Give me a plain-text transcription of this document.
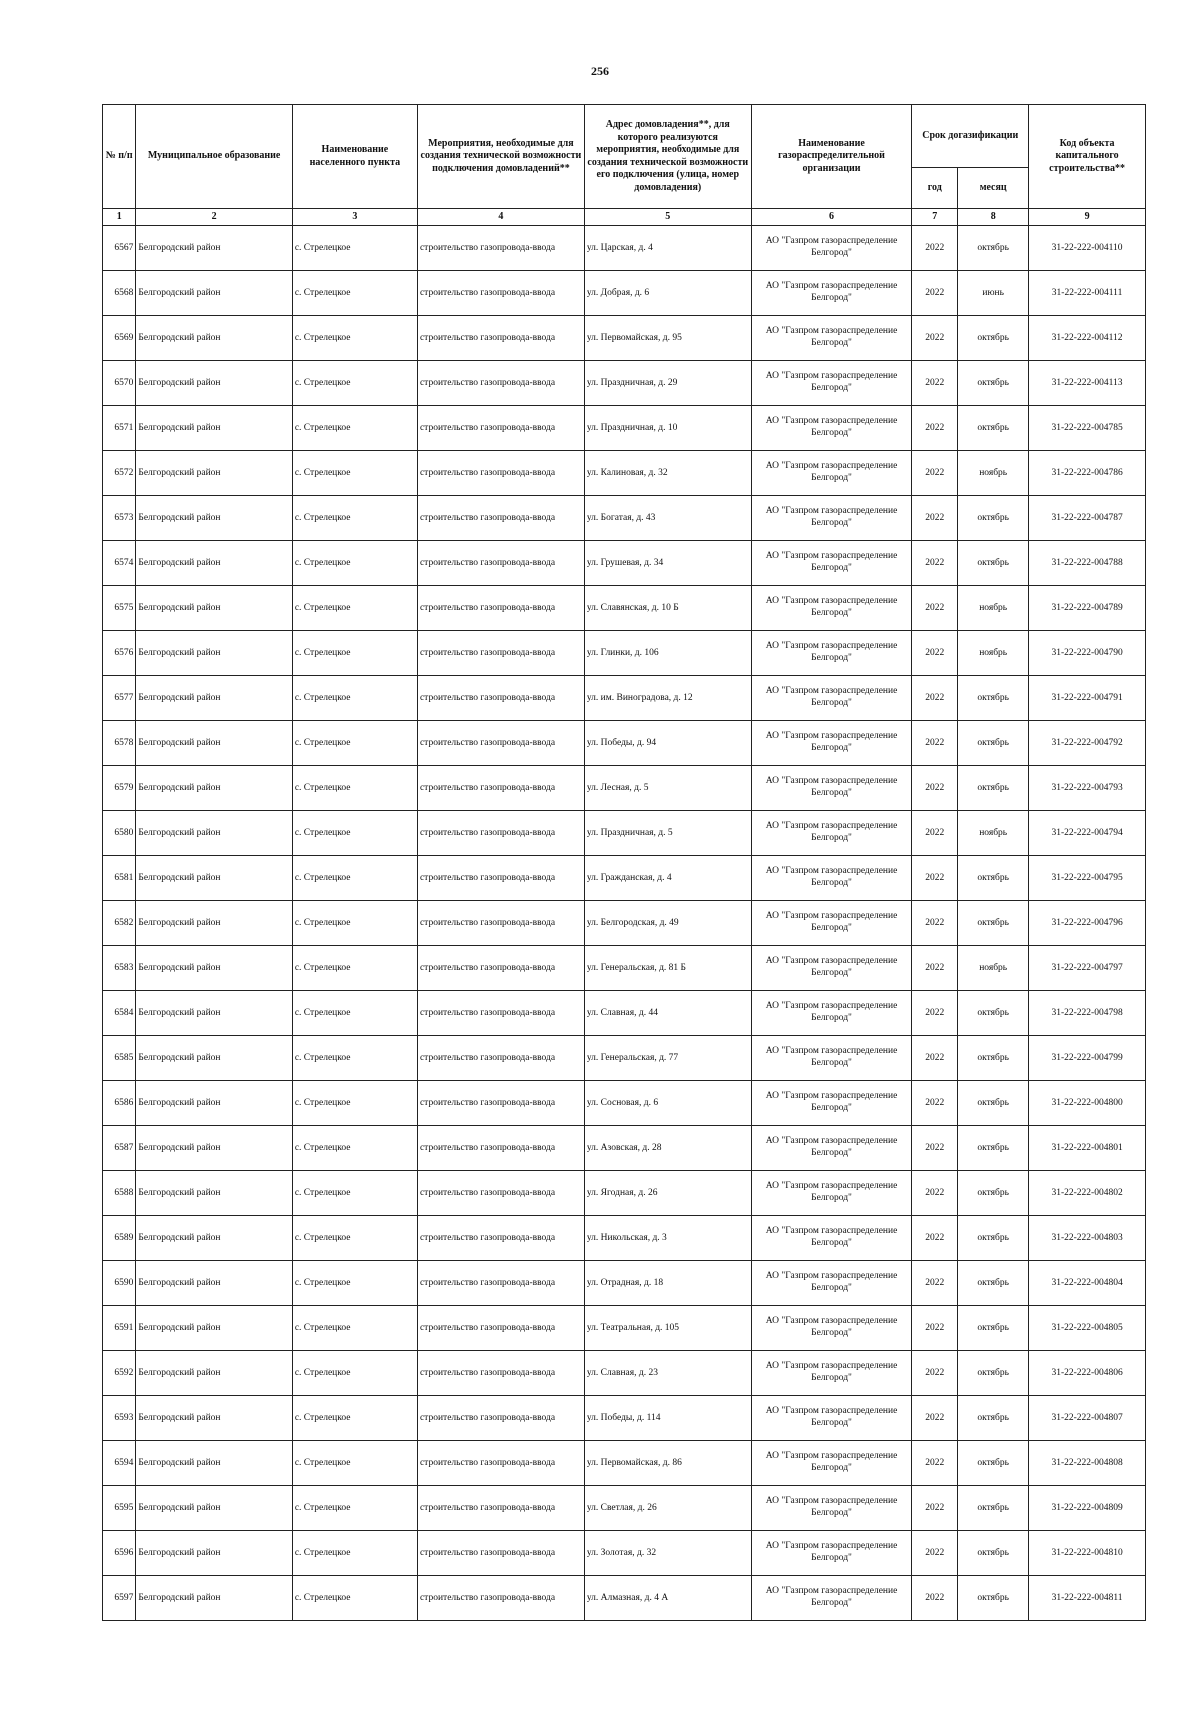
256
№ п/п	Муниципальное образование	Наименование населенного пункта	Мероприятия, необходимые для создания технической возможности подключения домовладений**	Адрес домовладения**, для которого реализуются мероприятия, необходимые для создания технической возможности его подключения (улица, номер домовладения)	Наименование газораспределительной организации	Срок догазификации		Код объекта капитального строительства**
						год	месяц	
1	2	3	4	5	6	7	8	9
6567	Белгородский район	с. Стрелецкое	строительство газопровода-ввода	ул. Царская, д. 4	АО "Газпром газораспределение Белгород"	2022	октябрь	31-22-222-004110
6568	Белгородский район	с. Стрелецкое	строительство газопровода-ввода	ул. Добрая, д. 6	АО "Газпром газораспределение Белгород"	2022	июнь	31-22-222-004111
6569	Белгородский район	с. Стрелецкое	строительство газопровода-ввода	ул. Первомайская, д. 95	АО "Газпром газораспределение Белгород"	2022	октябрь	31-22-222-004112
6570	Белгородский район	с. Стрелецкое	строительство газопровода-ввода	ул. Праздничная, д. 29	АО "Газпром газораспределение Белгород"	2022	октябрь	31-22-222-004113
6571	Белгородский район	с. Стрелецкое	строительство газопровода-ввода	ул. Праздничная, д. 10	АО "Газпром газораспределение Белгород"	2022	октябрь	31-22-222-004785
6572	Белгородский район	с. Стрелецкое	строительство газопровода-ввода	ул. Калиновая, д. 32	АО "Газпром газораспределение Белгород"	2022	ноябрь	31-22-222-004786
6573	Белгородский район	с. Стрелецкое	строительство газопровода-ввода	ул. Богатая, д. 43	АО "Газпром газораспределение Белгород"	2022	октябрь	31-22-222-004787
6574	Белгородский район	с. Стрелецкое	строительство газопровода-ввода	ул. Грушевая, д. 34	АО "Газпром газораспределение Белгород"	2022	октябрь	31-22-222-004788
6575	Белгородский район	с. Стрелецкое	строительство газопровода-ввода	ул. Славянская, д. 10 Б	АО "Газпром газораспределение Белгород"	2022	ноябрь	31-22-222-004789
6576	Белгородский район	с. Стрелецкое	строительство газопровода-ввода	ул. Глинки, д. 106	АО "Газпром газораспределение Белгород"	2022	ноябрь	31-22-222-004790
6577	Белгородский район	с. Стрелецкое	строительство газопровода-ввода	ул. им. Виноградова, д. 12	АО "Газпром газораспределение Белгород"	2022	октябрь	31-22-222-004791
6578	Белгородский район	с. Стрелецкое	строительство газопровода-ввода	ул. Победы, д. 94	АО "Газпром газораспределение Белгород"	2022	октябрь	31-22-222-004792
6579	Белгородский район	с. Стрелецкое	строительство газопровода-ввода	ул. Лесная, д. 5	АО "Газпром газораспределение Белгород"	2022	октябрь	31-22-222-004793
6580	Белгородский район	с. Стрелецкое	строительство газопровода-ввода	ул. Праздничная, д. 5	АО "Газпром газораспределение Белгород"	2022	ноябрь	31-22-222-004794
6581	Белгородский район	с. Стрелецкое	строительство газопровода-ввода	ул. Гражданская, д. 4	АО "Газпром газораспределение Белгород"	2022	октябрь	31-22-222-004795
6582	Белгородский район	с. Стрелецкое	строительство газопровода-ввода	ул. Белгородская, д. 49	АО "Газпром газораспределение Белгород"	2022	октябрь	31-22-222-004796
6583	Белгородский район	с. Стрелецкое	строительство газопровода-ввода	ул. Генеральская, д. 81 Б	АО "Газпром газораспределение Белгород"	2022	ноябрь	31-22-222-004797
6584	Белгородский район	с. Стрелецкое	строительство газопровода-ввода	ул. Славная, д. 44	АО "Газпром газораспределение Белгород"	2022	октябрь	31-22-222-004798
6585	Белгородский район	с. Стрелецкое	строительство газопровода-ввода	ул. Генеральская, д. 77	АО "Газпром газораспределение Белгород"	2022	октябрь	31-22-222-004799
6586	Белгородский район	с. Стрелецкое	строительство газопровода-ввода	ул. Сосновая, д. 6	АО "Газпром газораспределение Белгород"	2022	октябрь	31-22-222-004800
6587	Белгородский район	с. Стрелецкое	строительство газопровода-ввода	ул. Азовская, д. 28	АО "Газпром газораспределение Белгород"	2022	октябрь	31-22-222-004801
6588	Белгородский район	с. Стрелецкое	строительство газопровода-ввода	ул. Ягодная, д. 26	АО "Газпром газораспределение Белгород"	2022	октябрь	31-22-222-004802
6589	Белгородский район	с. Стрелецкое	строительство газопровода-ввода	ул. Никольская, д. 3	АО "Газпром газораспределение Белгород"	2022	октябрь	31-22-222-004803
6590	Белгородский район	с. Стрелецкое	строительство газопровода-ввода	ул. Отрадная, д. 18	АО "Газпром газораспределение Белгород"	2022	октябрь	31-22-222-004804
6591	Белгородский район	с. Стрелецкое	строительство газопровода-ввода	ул. Театральная, д. 105	АО "Газпром газораспределение Белгород"	2022	октябрь	31-22-222-004805
6592	Белгородский район	с. Стрелецкое	строительство газопровода-ввода	ул. Славная, д. 23	АО "Газпром газораспределение Белгород"	2022	октябрь	31-22-222-004806
6593	Белгородский район	с. Стрелецкое	строительство газопровода-ввода	ул. Победы, д. 114	АО "Газпром газораспределение Белгород"	2022	октябрь	31-22-222-004807
6594	Белгородский район	с. Стрелецкое	строительство газопровода-ввода	ул. Первомайская, д. 86	АО "Газпром газораспределение Белгород"	2022	октябрь	31-22-222-004808
6595	Белгородский район	с. Стрелецкое	строительство газопровода-ввода	ул. Светлая, д. 26	АО "Газпром газораспределение Белгород"	2022	октябрь	31-22-222-004809
6596	Белгородский район	с. Стрелецкое	строительство газопровода-ввода	ул. Золотая, д. 32	АО "Газпром газораспределение Белгород"	2022	октябрь	31-22-222-004810
6597	Белгородский район	с. Стрелецкое	строительство газопровода-ввода	ул. Алмазная, д. 4 А	АО "Газпром газораспределение Белгород"	2022	октябрь	31-22-222-004811
